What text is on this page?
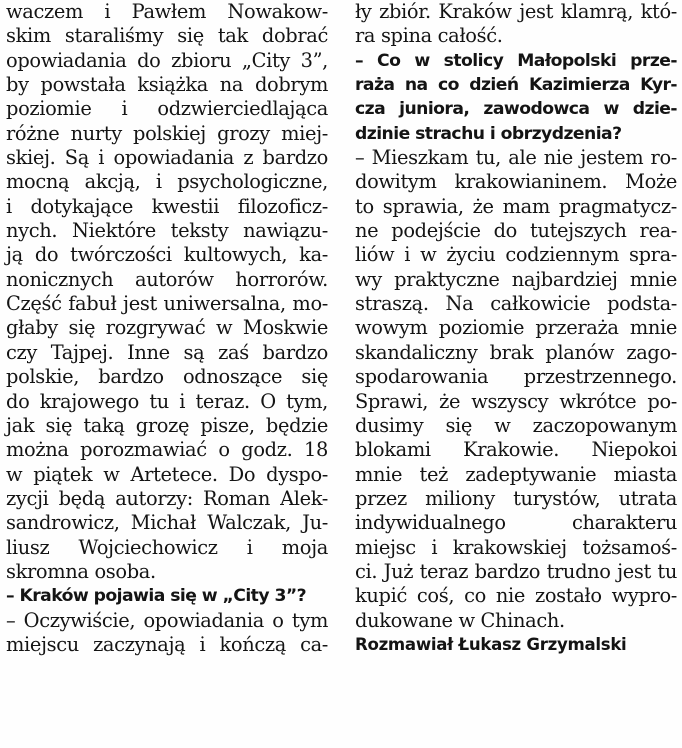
waczem i Pawłem Nowakow-
skim staraliśmy się tak dobrać
opowiadania do zbioru „City 3”,
by powstała książka na dobrym
poziomie i odzwierciedlająca
różne nurty polskiej grozy miej-
skiej. Są i opowiadania z bardzo
mocną akcją, i psychologiczne,
i dotykające kwestii filozoficz-
nych. Niektóre teksty nawiązu-
ją do twórczości kultowych, ka-
nonicznych autorów horrorów.
Część fabuł jest uniwersalna, mo-
głaby się rozgrywać w Moskwie
czy Tajpej. Inne są zaś bardzo
polskie, bardzo odnoszące się
do krajowego tu i teraz. O tym,
jak się taką grozę pisze, będzie
można porozmawiać o godz. 18
w piątek w Artetece. Do dyspo-
zycji będą autorzy: Roman Alek-
sandrowicz, Michał Walczak, Ju-
liusz Wojciechowicz i moja
skromna osoba.
– Kraków pojawia się w „City 3”?
– Oczywiście, opowiadania o tym
miejscu zaczynają i kończą ca-
ły zbiór. Kraków jest klamrą, któ-
ra spina całość.
– Co w stolicy Małopolski prze-
raża na co dzień Kazimierza Kyr-
cza juniora, zawodowca w dzie-
dzinie strachu i obrzydzenia?
– Mieszkam tu, ale nie jestem ro-
dowitym krakowianinem. Może
to sprawia, że mam pragmatycz-
ne podejście do tutejszych rea-
liów i w życiu codziennym spra-
wy praktyczne najbardziej mnie
straszą. Na całkowicie podsta-
wowym poziomie przeraża mnie
skandaliczny brak planów zago-
spodarowania przestrzennego.
Sprawi, że wszyscy wkrótce po-
dusimy się w zaczopowanym
blokami Krakowie. Niepokoi
mnie też zadeptywanie miasta
przez miliony turystów, utrata
indywidualnego charakteru
miejsc i krakowskiej tożsamoś-
ci. Już teraz bardzo trudno jest tu
kupić coś, co nie zostało wypro-
dukowane w Chinach.
Rozmawiał Łukasz Grzymalski
